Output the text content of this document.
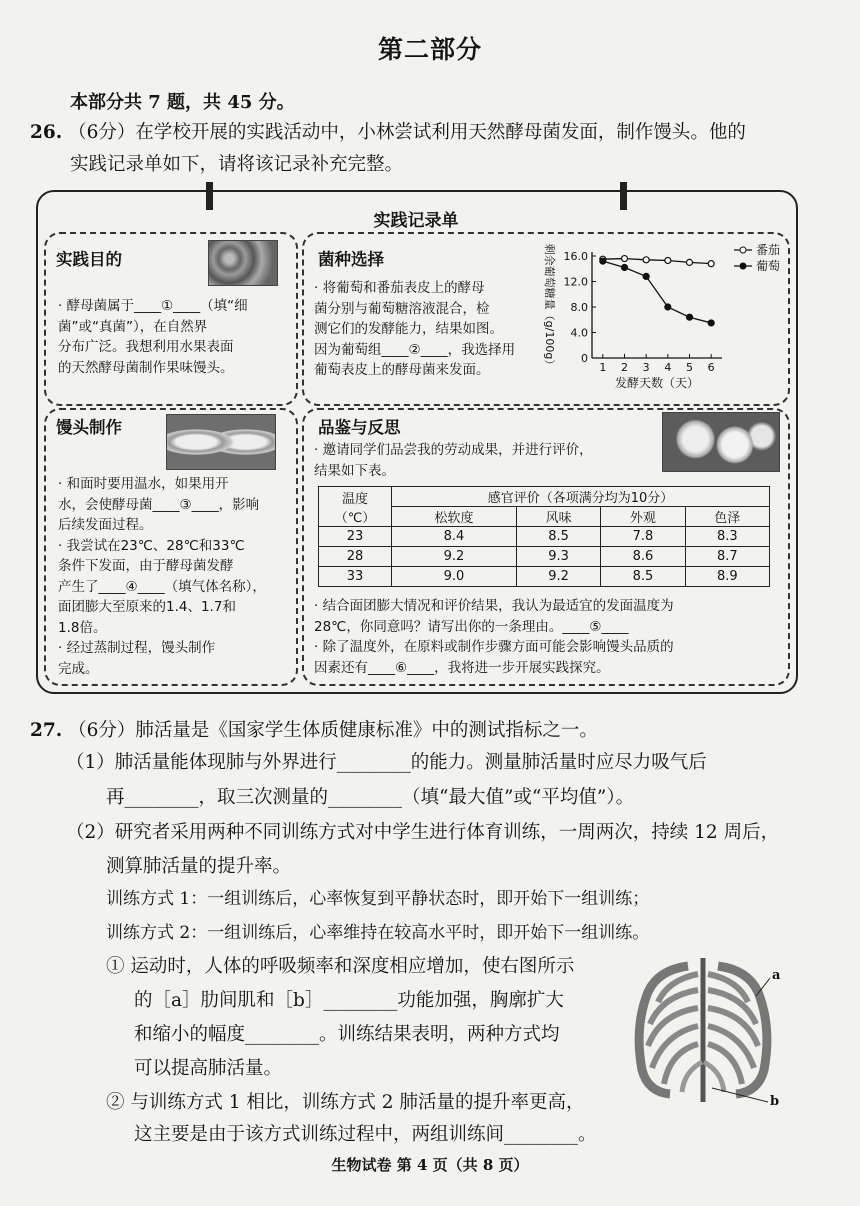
第二部分
本部分共 7 题，共 45 分。
26. （6分）在学校开展的实践活动中，小林尝试利用天然酵母菌发面，制作馒头。他的
实践记录单如下，请将该记录补充完整。
实践记录单
实践目的
· 酵母菌属于____①____（填“细
菌”或“真菌”），在自然界
分布广泛。我想利用水果表面
的天然酵母菌制作果味馒头。
菌种选择
· 将葡萄和番茄表皮上的酵母
菌分别与葡萄糖溶液混合，检
测它们的发酵能力，结果如图。
因为葡萄组____②____，我选择用
葡萄表皮上的酵母菌来发面。
16.0
12.0
8.0
4.0
0
1 2 3 4 5 6
发酵天数（天）
剩余葡萄糖量（g/100g）	番茄
葡萄
馒头制作
· 和面时要用温水，如果用开
水，会使酵母菌____③____，影响
后续发面过程。
· 我尝试在23℃、28℃和33℃
条件下发面，由于酵母菌发酵
产生了____④____（填气体名称），
面团膨大至原来的1.4、1.7和
1.8倍。
· 经过蒸制过程，馒头制作
完成。
品鉴与反思
· 邀请同学们品尝我的劳动成果，并进行评价，
结果如下表。
温度
（℃）	感官评价（各项满分均为10分）			
	松软度	风味	外观	色泽
23	8.4	8.5	7.8	8.3
28	9.2	9.3	8.6	8.7
33	9.0	9.2	8.5	8.9
· 结合面团膨大情况和评价结果，我认为最适宜的发面温度为
28℃，你同意吗？请写出你的一条理由。____⑤____
· 除了温度外，在原料或制作步骤方面可能会影响馒头品质的
因素还有____⑥____，我将进一步开展实践探究。
27. （6分）肺活量是《国家学生体质健康标准》中的测试指标之一。
（1）肺活量能体现肺与外界进行________的能力。测量肺活量时应尽力吸气后
再________，取三次测量的________（填“最大值”或“平均值”）。
（2）研究者采用两种不同训练方式对中学生进行体育训练，一周两次，持续 12 周后，
测算肺活量的提升率。
训练方式 1：一组训练后，心率恢复到平静状态时，即开始下一组训练；
训练方式 2：一组训练后，心率维持在较高水平时，即开始下一组训练。
① 运动时，人体的呼吸频率和深度相应增加，使右图所示
的［a］肋间肌和［b］________功能加强，胸廓扩大
和缩小的幅度________。训练结果表明，两种方式均
可以提高肺活量。
② 与训练方式 1 相比，训练方式 2 肺活量的提升率更高，
这主要是由于该方式训练过程中，两组训练间________。
a
b
生物试卷 第 4 页（共 8 页）
